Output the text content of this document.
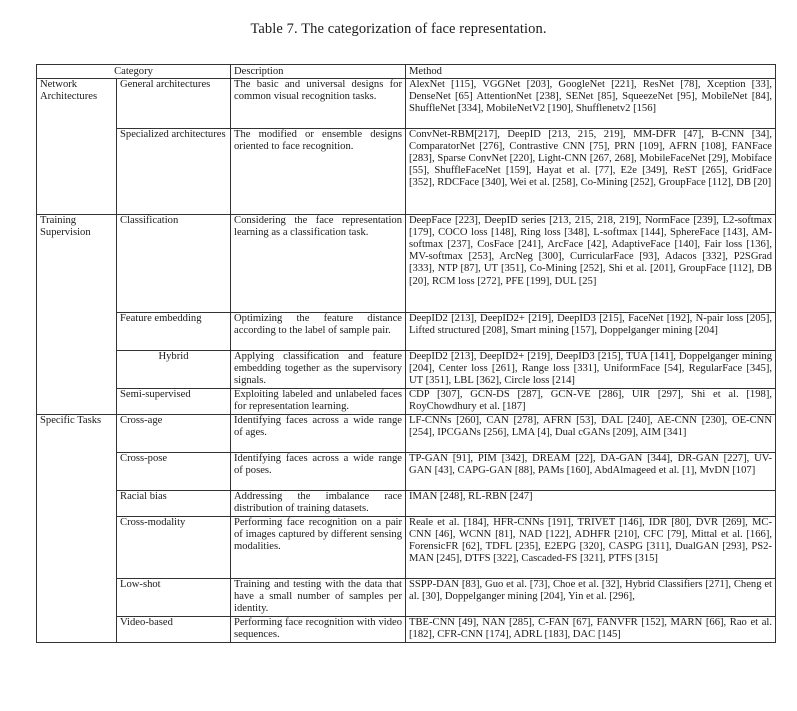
Table 7. The categorization of face representation.
Category		Description	Method
Network Architectures	General architectures	The basic and universal designs for common visual recognition tasks.	AlexNet [115], VGGNet [203], GoogleNet [221], ResNet [78], Xception [33], DenseNet [65] AttentionNet [238], SENet [85], SqueezeNet [95], MobileNet [84], ShuffleNet [334], MobileNetV2 [190], Shufflenetv2 [156]
	Specialized architectures	The modified or ensemble designs oriented to face recognition.	ConvNet-RBM[217], DeepID [213, 215, 219], MM-DFR [47], B-CNN [34], ComparatorNet [276], Contrastive CNN [75], PRN [109], AFRN [108], FANFace [283], Sparse ConvNet [220], Light-CNN [267, 268], MobileFaceNet [29], Mobiface [55], ShuffleFaceNet [159], Hayat et al. [77], E2e [349], ReST [265], GridFace [352], RDCFace [340], Wei et al. [258], Co-Mining [252], GroupFace [112], DB [20]
Training Supervision	Classification	Considering the face representation learning as a classification task.	DeepFace [223], DeepID series [213, 215, 218, 219], NormFace [239], L2-softmax [179], COCO loss [148], Ring loss [348], L-softmax [144], SphereFace [143], AM-softmax [237], CosFace [241], ArcFace [42], AdaptiveFace [140], Fair loss [136], MV-softmax [253], ArcNeg [300], CurricularFace [93], Adacos [332], P2SGrad [333], NTP [87], UT [351], Co-Mining [252], Shi et al. [201], GroupFace [112], DB [20], RCM loss [272], PFE [199], DUL [25]
	Feature embedding	Optimizing the feature distance according to the label of sample pair.	DeepID2 [213], DeepID2+ [219], DeepID3 [215], FaceNet [192], N-pair loss [205], Lifted structured [208], Smart mining [157], Doppelganger mining [204]
	Hybrid	Applying classification and feature embedding together as the supervisory signals.	DeepID2 [213], DeepID2+ [219], DeepID3 [215], TUA [141], Doppelganger mining [204], Center loss [261], Range loss [331], UniformFace [54], RegularFace [345], UT [351], LBL [362], Circle loss [214]
	Semi-supervised	Exploiting labeled and unlabeled faces for representation learning.	CDP [307], GCN-DS [287], GCN-VE [286], UIR [297], Shi et al. [198], RoyChowdhury et al. [187]
Specific Tasks	Cross-age	Identifying faces across a wide range of ages.	LF-CNNs [260], CAN [278], AFRN [53], DAL [240], AE-CNN [230], OE-CNN [254], IPCGANs [256], LMA [4], Dual cGANs [209], AIM [341]
	Cross-pose	Identifying faces across a wide range of poses.	TP-GAN [91], PIM [342], DREAM [22], DA-GAN [344], DR-GAN [227], UV-GAN [43], CAPG-GAN [88], PAMs [160], AbdAlmageed et al. [1], MvDN [107]
	Racial bias	Addressing the imbalance race distribution of training datasets.	IMAN [248], RL-RBN [247]
	Cross-modality	Performing face recognition on a pair of images captured by different sensing modalities.	Reale et al. [184], HFR-CNNs [191], TRIVET [146], IDR [80], DVR [269], MC-CNN [46], WCNN [81], NAD [122], ADHFR [210], CFC [79], Mittal et al. [166], ForensicFR [62], TDFL [235], E2EPG [320], CASPG [311], DualGAN [293], PS2-MAN [245], DTFS [322], Cascaded-FS [321], PTFS [315]
	Low-shot	Training and testing with the data that have a small number of samples per identity.	SSPP-DAN [83], Guo et al. [73], Choe et al. [32], Hybrid Classifiers [271], Cheng et al. [30], Doppelganger mining [204], Yin et al. [296],
	Video-based	Performing face recognition with video sequences.	TBE-CNN [49], NAN [285], C-FAN [67], FANVFR [152], MARN [66], Rao et al. [182], CFR-CNN [174], ADRL [183], DAC [145]
